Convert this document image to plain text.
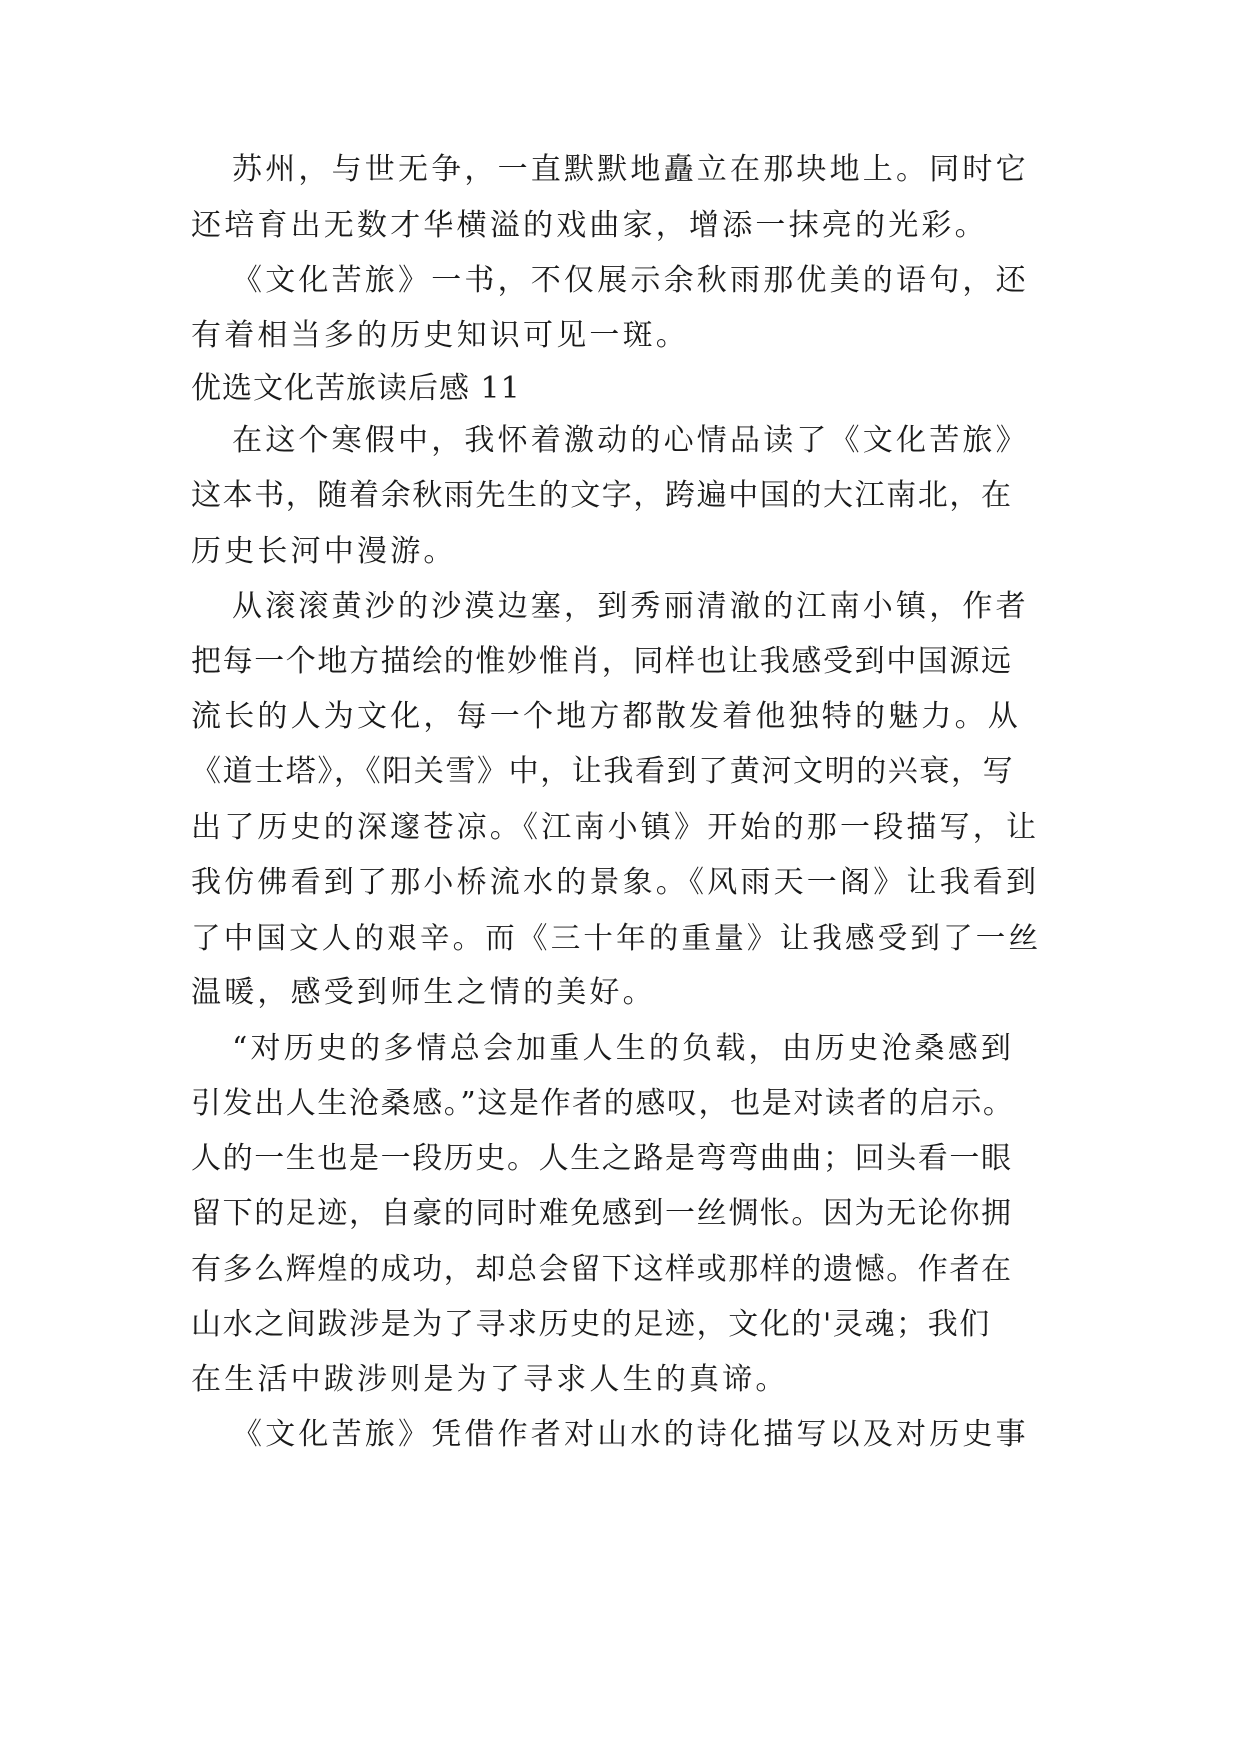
苏州，与世无争，一直默默地矗立在那块地上。同时它
还培育出无数才华横溢的戏曲家，增添一抹亮的光彩。
《文化苦旅》一书，不仅展示余秋雨那优美的语句，还
有着相当多的历史知识可见一斑。
优选文化苦旅读后感 11
在这个寒假中，我怀着激动的心情品读了《文化苦旅》
这本书，随着余秋雨先生的文字，跨遍中国的大江南北，在
历史长河中漫游。
从滚滚黄沙的沙漠边塞，到秀丽清澈的江南小镇，作者
把每一个地方描绘的惟妙惟肖，同样也让我感受到中国源远
流长的人为文化，每一个地方都散发着他独特的魅力。从
《道士塔》，《阳关雪》中，让我看到了黄河文明的兴衰，写
出了历史的深邃苍凉。《江南小镇》开始的那一段描写，让
我仿佛看到了那小桥流水的景象。《风雨天一阁》让我看到
了中国文人的艰辛。而《三十年的重量》让我感受到了一丝
温暖，感受到师生之情的美好。
“对历史的多情总会加重人生的负载，由历史沧桑感到
引发出人生沧桑感。”这是作者的感叹，也是对读者的启示。
人的一生也是一段历史。人生之路是弯弯曲曲；回头看一眼
留下的足迹，自豪的同时难免感到一丝惆怅。因为无论你拥
有多么辉煌的成功，却总会留下这样或那样的遗憾。作者在
山水之间跋涉是为了寻求历史的足迹，文化的'灵魂；我们
在生活中跋涉则是为了寻求人生的真谛。
《文化苦旅》凭借作者对山水的诗化描写以及对历史事
